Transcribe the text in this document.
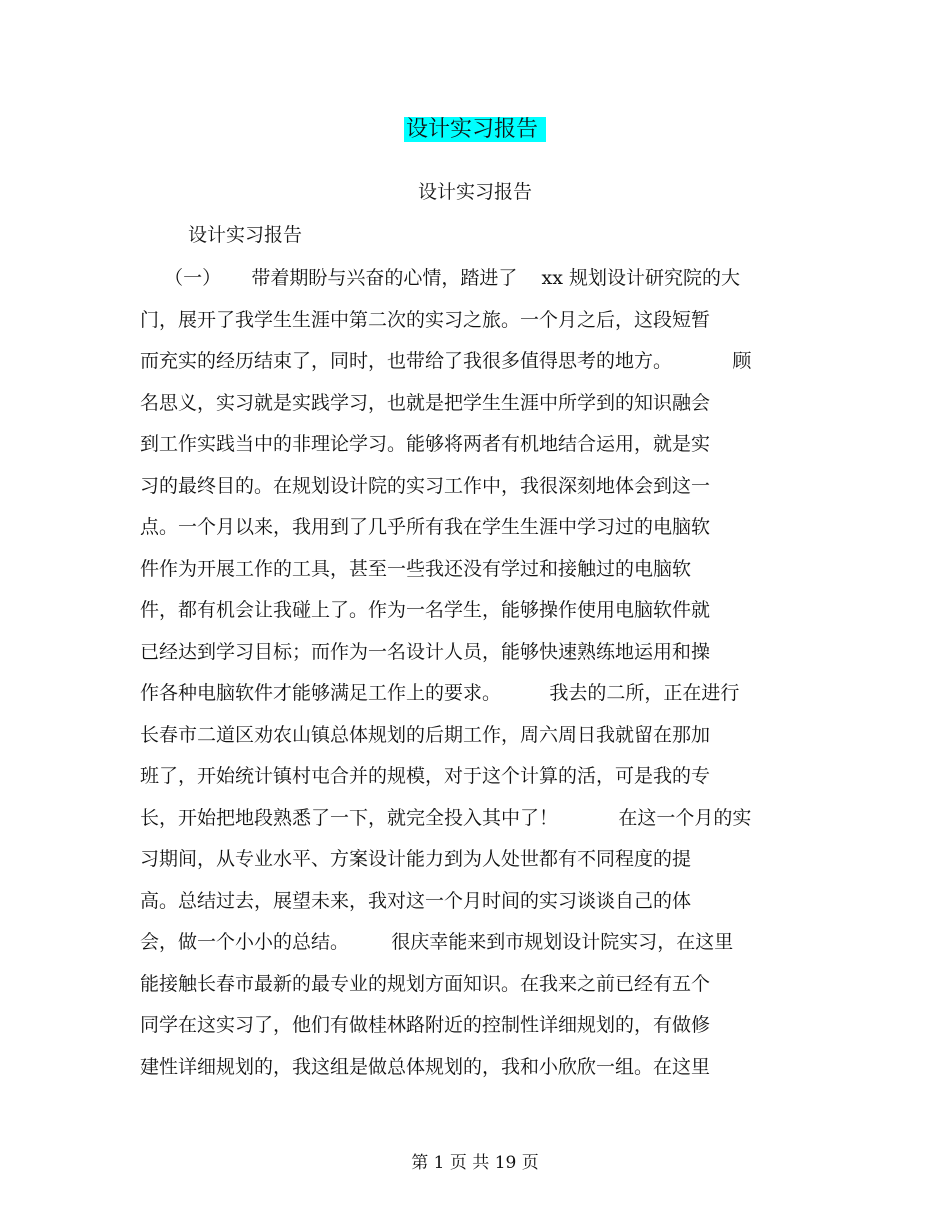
设计实习报告
设计实习报告
设计实习报告
（一）     带着期盼与兴奋的心情，踏进了    xx 规划设计研究院的大
门，展开了我学生生涯中第二次的实习之旅。一个月之后，这段短暂
而充实的经历结束了，同时，也带给了我很多值得思考的地方。          顾
名思义，实习就是实践学习，也就是把学生生涯中所学到的知识融会
到工作实践当中的非理论学习。能够将两者有机地结合运用，就是实
习的最终目的。在规划设计院的实习工作中，我很深刻地体会到这一
点。一个月以来，我用到了几乎所有我在学生生涯中学习过的电脑软
件作为开展工作的工具，甚至一些我还没有学过和接触过的电脑软
件，都有机会让我碰上了。作为一名学生，能够操作使用电脑软件就
已经达到学习目标；而作为一名设计人员，能够快速熟练地运用和操
作各种电脑软件才能够满足工作上的要求。        我去的二所，正在进行
长春市二道区劝农山镇总体规划的后期工作，周六周日我就留在那加
班了，开始统计镇村屯合并的规模，对于这个计算的活，可是我的专
长，开始把地段熟悉了一下，就完全投入其中了！          在这一个月的实
习期间，从专业水平、方案设计能力到为人处世都有不同程度的提
高。总结过去，展望未来，我对这一个月时间的实习谈谈自己的体
会，做一个小小的总结。       很庆幸能来到市规划设计院实习，在这里
能接触长春市最新的最专业的规划方面知识。在我来之前已经有五个
同学在这实习了，他们有做桂林路附近的控制性详细规划的，有做修
建性详细规划的，我这组是做总体规划的，我和小欣欣一组。在这里
第 1 页 共 19 页
